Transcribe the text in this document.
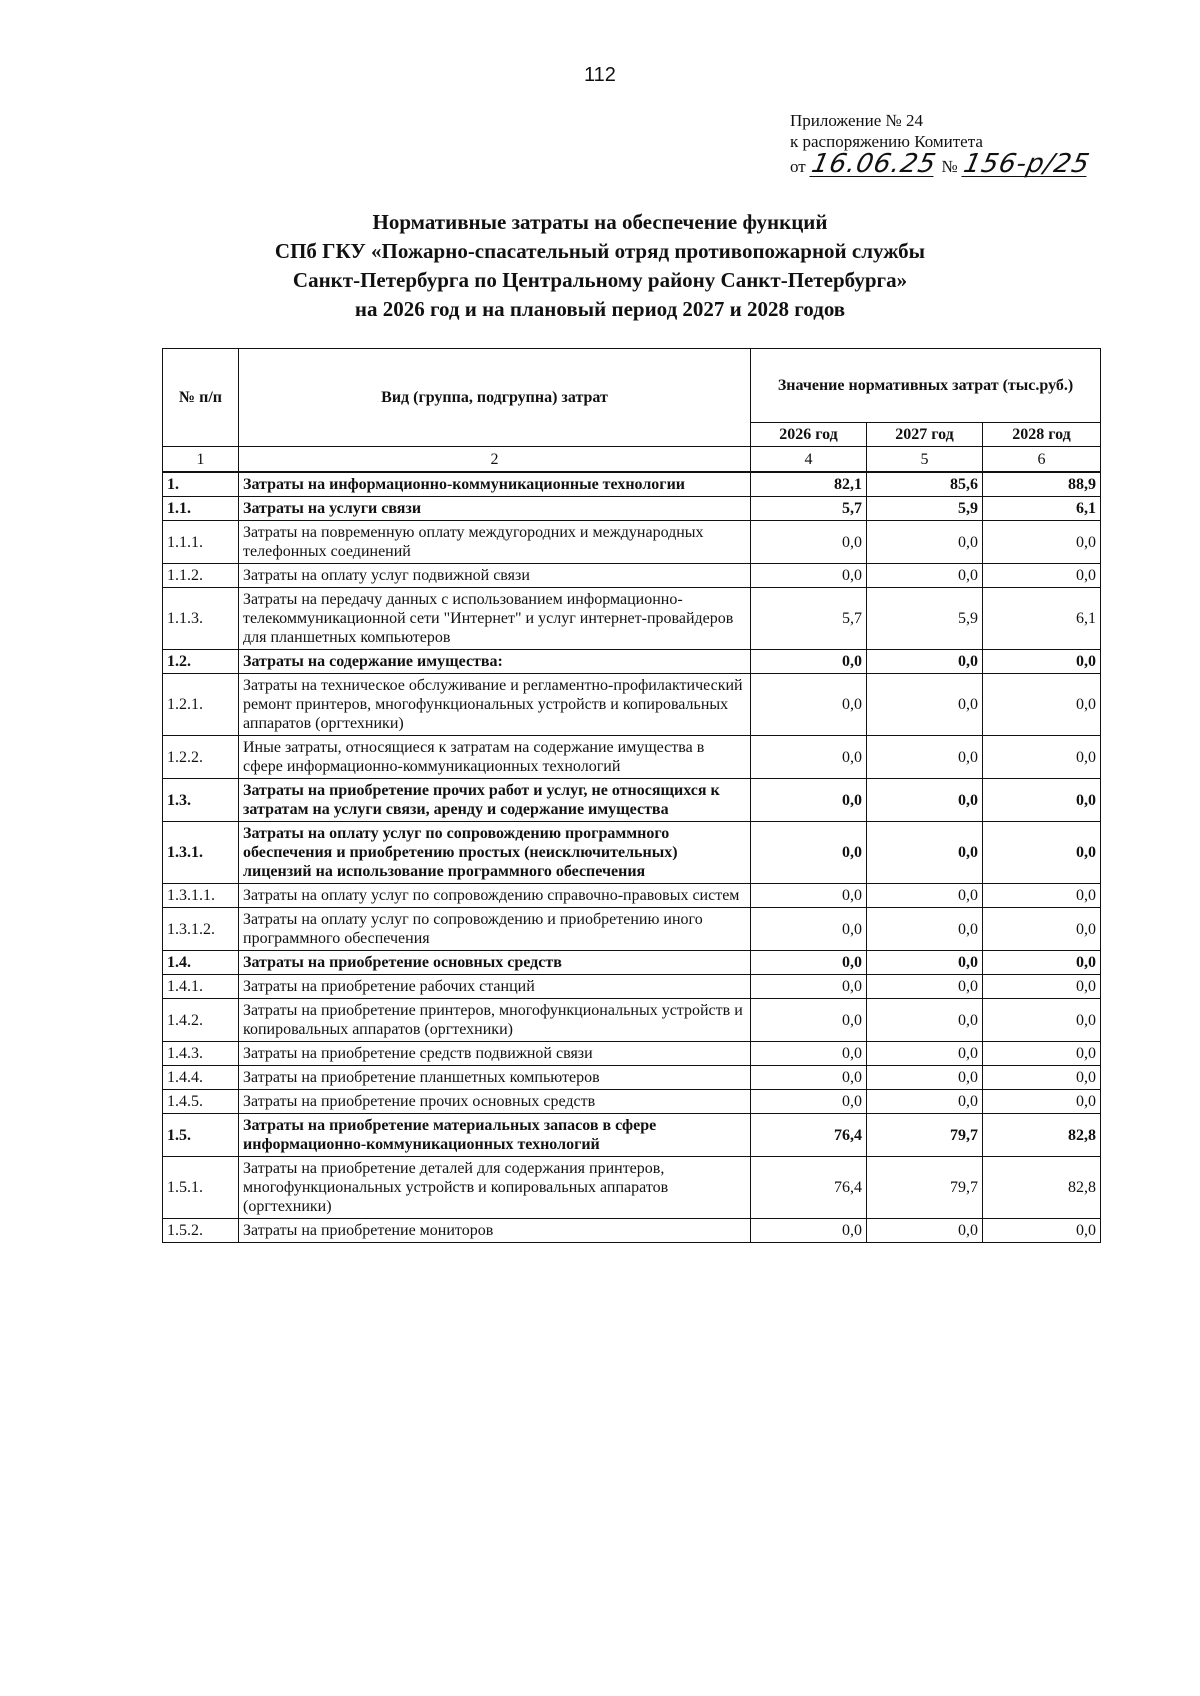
112
Приложение № 24
к распоряжению Комитета
от 16.06.25 № 156-р/25
Нормативные затраты на обеспечение функций
СПб ГКУ «Пожарно-спасательный отряд противопожарной службы
Санкт-Петербурга по Центральному району Санкт-Петербурга»
на 2026 год и на плановый период 2027 и 2028 годов
№ п/п	Вид (группа, подгрупна) затрат	Значение нормативных затрат (тыс.руб.)		
		2026 год	2027 год	2028 год
1	2	4	5	6
1.	Затраты на информационно-коммуникационные технологии	82,1	85,6	88,9
1.1.	Затраты на услуги связи	5,7	5,9	6,1
1.1.1.	Затраты на повременную оплату междугородних и международных телефонных соединений	0,0	0,0	0,0
1.1.2.	Затраты на оплату услуг подвижной связи	0,0	0,0	0,0
1.1.3.	Затраты на передачу данных с использованием информационно-телекоммуникационной сети "Интернет" и услуг интернет-провайдеров для планшетных компьютеров	5,7	5,9	6,1
1.2.	Затраты на содержание имущества:	0,0	0,0	0,0
1.2.1.	Затраты на техническое обслуживание и регламентно-профилактический ремонт принтеров, многофункциональных устройств и копировальных аппаратов (оргтехники)	0,0	0,0	0,0
1.2.2.	Иные затраты, относящиеся к затратам на содержание имущества в сфере информационно-коммуникационных технологий	0,0	0,0	0,0
1.3.	Затраты на приобретение прочих работ и услуг, не относящихся к затратам на услуги связи, аренду и содержание имущества	0,0	0,0	0,0
1.3.1.	Затраты на оплату услуг по сопровождению программного обеспечения и приобретению простых (неисключительных) лицензий на использование программного обеспечения	0,0	0,0	0,0
1.3.1.1.	Затраты на оплату услуг по сопровождению справочно-правовых систем	0,0	0,0	0,0
1.3.1.2.	Затраты на оплату услуг по сопровождению и приобретению иного программного обеспечения	0,0	0,0	0,0
1.4.	Затраты на приобретение основных средств	0,0	0,0	0,0
1.4.1.	Затраты на приобретение рабочих станций	0,0	0,0	0,0
1.4.2.	Затраты на приобретение принтеров, многофункциональных устройств и копировальных аппаратов (оргтехники)	0,0	0,0	0,0
1.4.3.	Затраты на приобретение средств подвижной связи	0,0	0,0	0,0
1.4.4.	Затраты на приобретение планшетных компьютеров	0,0	0,0	0,0
1.4.5.	Затраты на приобретение прочих основных средств	0,0	0,0	0,0
1.5.	Затраты на приобретение материальных запасов в сфере информационно-коммуникационных технологий	76,4	79,7	82,8
1.5.1.	Затраты на приобретение деталей для содержания принтеров, многофункциональных устройств и копировальных аппаратов (оргтехники)	76,4	79,7	82,8
1.5.2.	Затраты на приобретение мониторов	0,0	0,0	0,0
